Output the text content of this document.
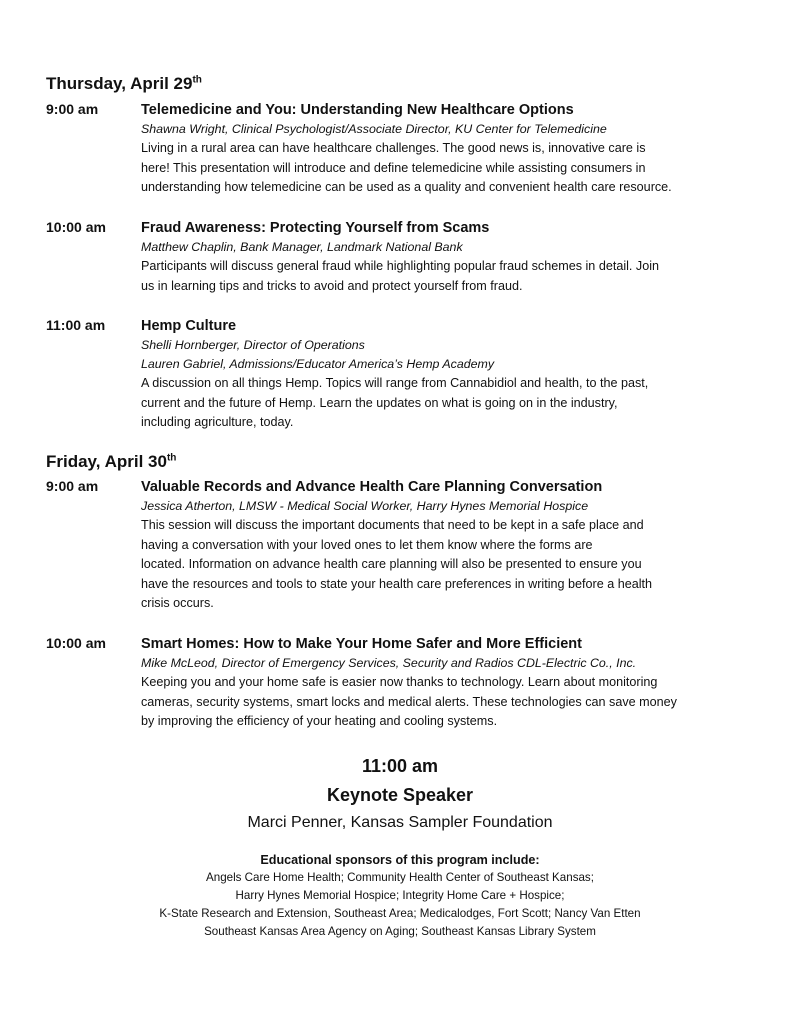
Thursday, April 29th
9:00 am	Telemedicine and You: Understanding New Healthcare Options
Shawna Wright, Clinical Psychologist/Associate Director, KU Center for Telemedicine
Living in a rural area can have healthcare challenges. The good news is, innovative care is
here! This presentation will introduce and define telemedicine while assisting consumers in
understanding how telemedicine can be used as a quality and convenient health care resource.
10:00 am Fraud Awareness: Protecting Yourself from Scams
Matthew Chaplin, Bank Manager, Landmark National Bank
Participants will discuss general fraud while highlighting popular fraud schemes in detail. Join
us in learning tips and tricks to avoid and protect yourself from fraud.
11:00 am Hemp Culture
Shelli Hornberger, Director of Operations
Lauren Gabriel, Admissions/Educator America’s Hemp Academy
A discussion on all things Hemp. Topics will range from Cannabidiol and health, to the past,
current and the future of Hemp. Learn the updates on what is going on in the industry,
including agriculture, today.
Friday, April 30th
9:00 am	Valuable Records and Advance Health Care Planning Conversation
Jessica Atherton, LMSW - Medical Social Worker, Harry Hynes Memorial Hospice
This session will discuss the important documents that need to be kept in a safe place and
having a conversation with your loved ones to let them know where the forms are
located. Information on advance health care planning will also be presented to ensure you
have the resources and tools to state your health care preferences in writing before a health
crisis occurs.
10:00 am Smart Homes: How to Make Your Home Safer and More Efficient
Mike McLeod, Director of Emergency Services, Security and Radios CDL-Electric Co., Inc.
Keeping you and your home safe is easier now thanks to technology. Learn about monitoring
cameras, security systems, smart locks and medical alerts. These technologies can save money
by improving the efficiency of your heating and cooling systems.
11:00 am
Keynote Speaker
Marci Penner, Kansas Sampler Foundation
Educational sponsors of this program include:
Angels Care Home Health; Community Health Center of Southeast Kansas;
Harry Hynes Memorial Hospice; Integrity Home Care + Hospice;
K-State Research and Extension, Southeast Area; Medicalodges, Fort Scott; Nancy Van Etten
Southeast Kansas Area Agency on Aging; Southeast Kansas Library System
